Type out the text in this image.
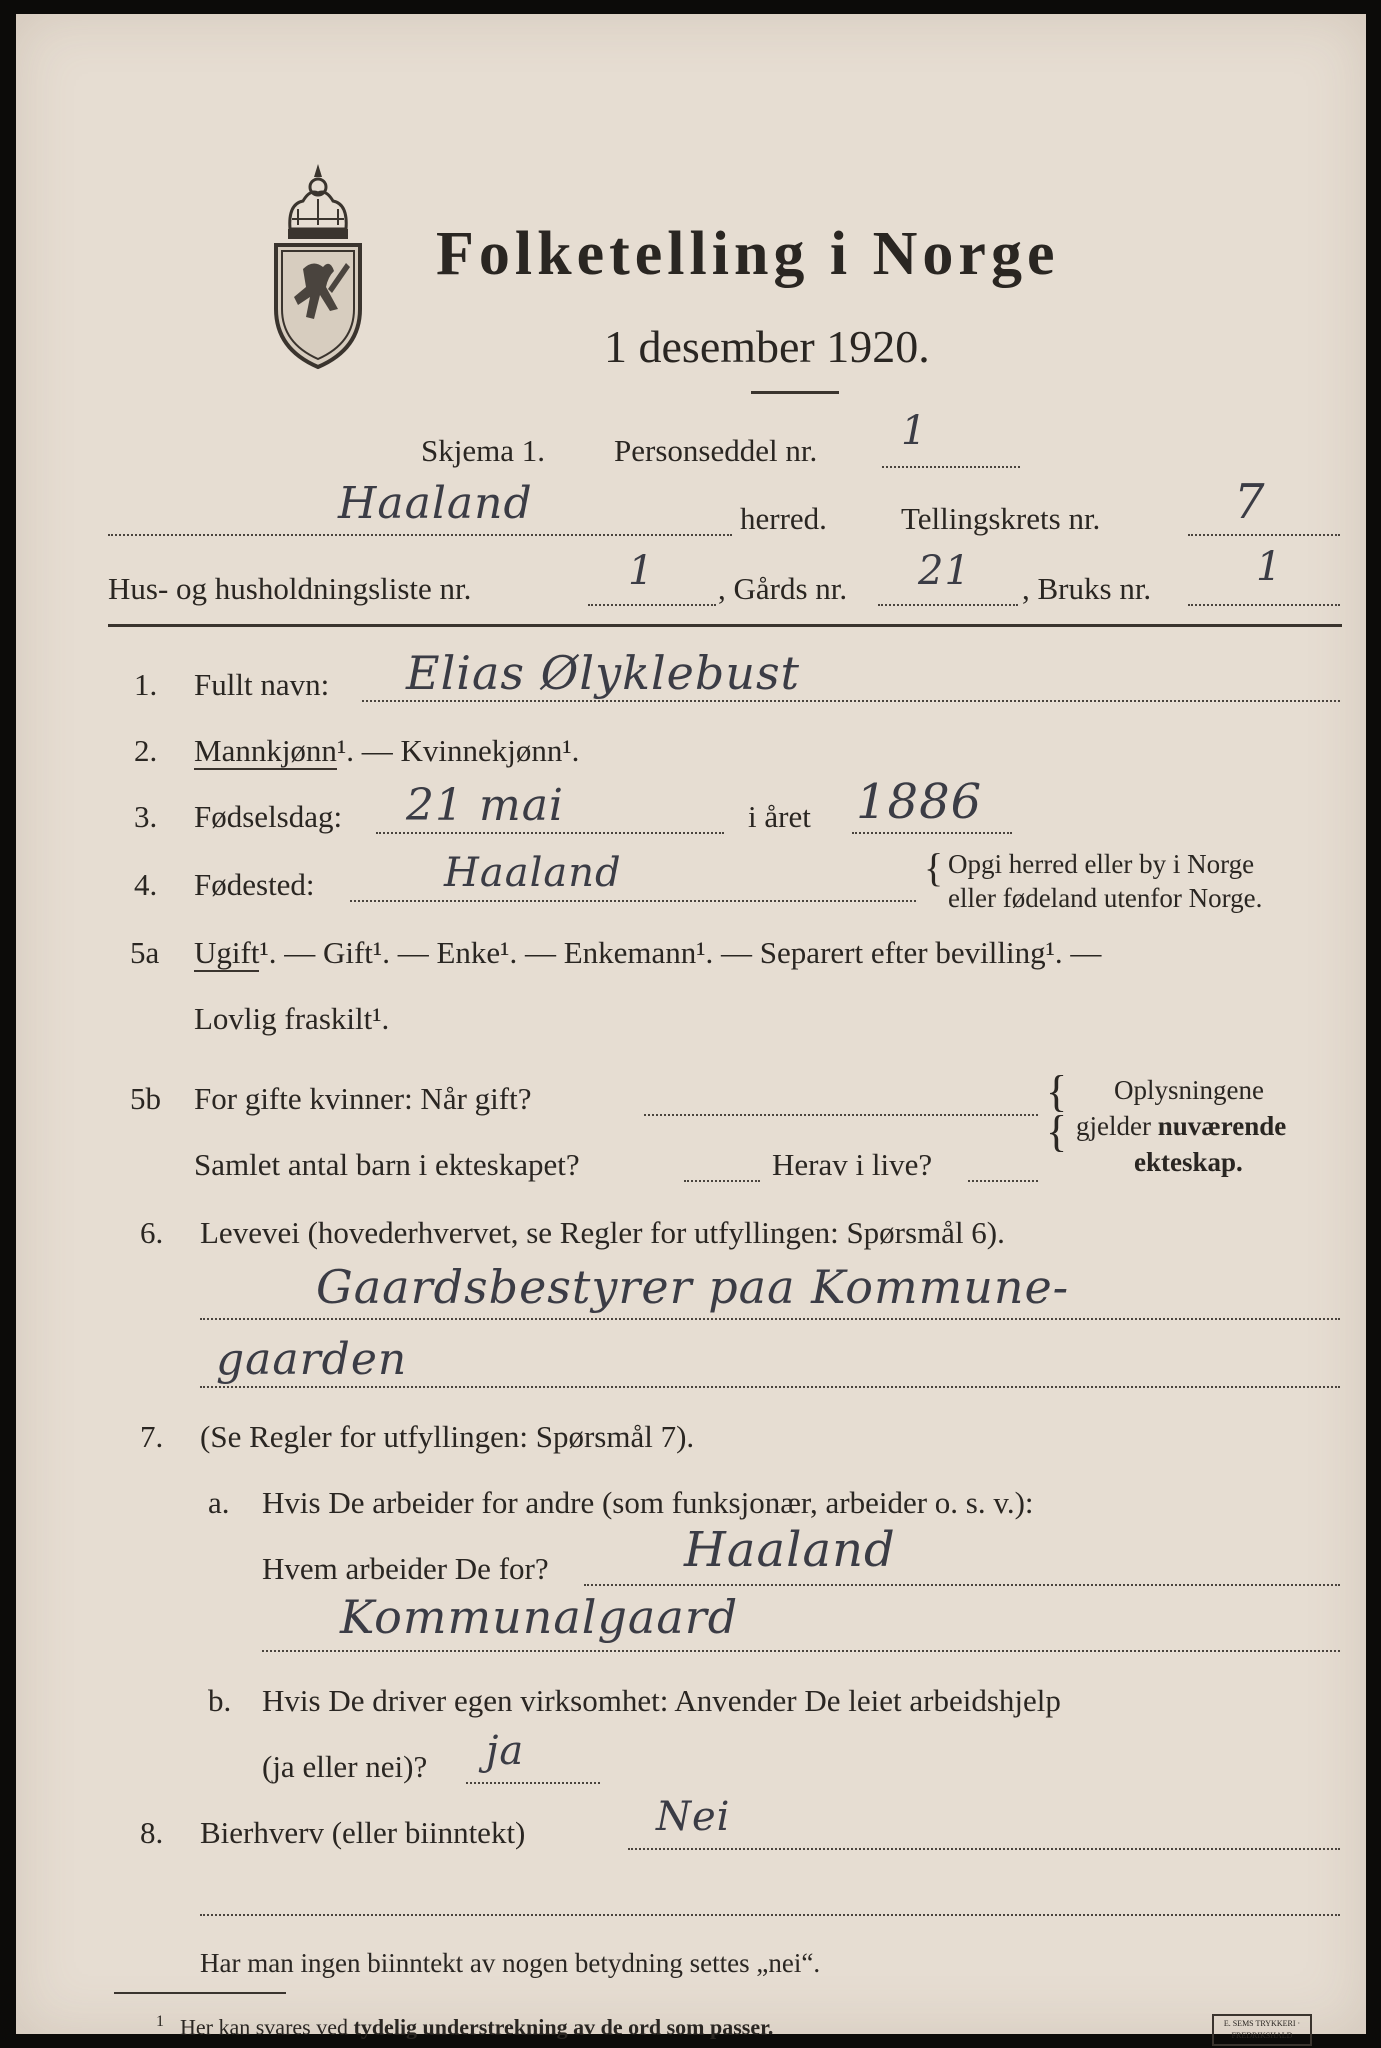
Folketelling i Norge
1 desember 1920.
Skjema 1. Personseddel nr. 1
Haaland	herred. Tellingskrets nr.	7
Hus- og husholdningsliste nr.	1 , Gårds nr. 21 , Bruks nr.	1
1. Fullt navn: Elias Ølyklebust
2. Mannkjønn¹. — Kvinnekjønn¹.
3. Fødselsdag: 21 mai	i året 1886
4. Fødested:	Haaland	{ Opgi herred eller by i Norge
eller fødeland utenfor Norge.
5a Ugift¹. — Gift¹. — Enke¹. — Enkemann¹. — Separert efter bevilling¹. —
Lovlig fraskilt¹.
5b For gifte kvinner: Når gift?
Samlet antal barn i ekteskapet?	Herav i live?
{
{
Oplysningene
gjelder nuværende
ekteskap.
6. Levevei (hovederhvervet, se Regler for utfyllingen: Spørsmål 6).
Gaardsbestyrer paa Kommune-
gaarden
7. (Se Regler for utfyllingen: Spørsmål 7).
a. Hvis De arbeider for andre (som funksjonær, arbeider o. s. v.):
Hvem arbeider De for?	Haaland
Kommunalgaard
b. Hvis De driver egen virksomhet: Anvender De leiet arbeidshjelp
(ja eller nei)? ja
8. Bierhverv (eller biinntekt)	Nei
Har man ingen biinntekt av nogen betydning settes „nei“.
$^1$ Her kan svares ved tydelig understrekning av de ord som passer.	E. SEMS TRYKKERI · FREDRIKSHALD
